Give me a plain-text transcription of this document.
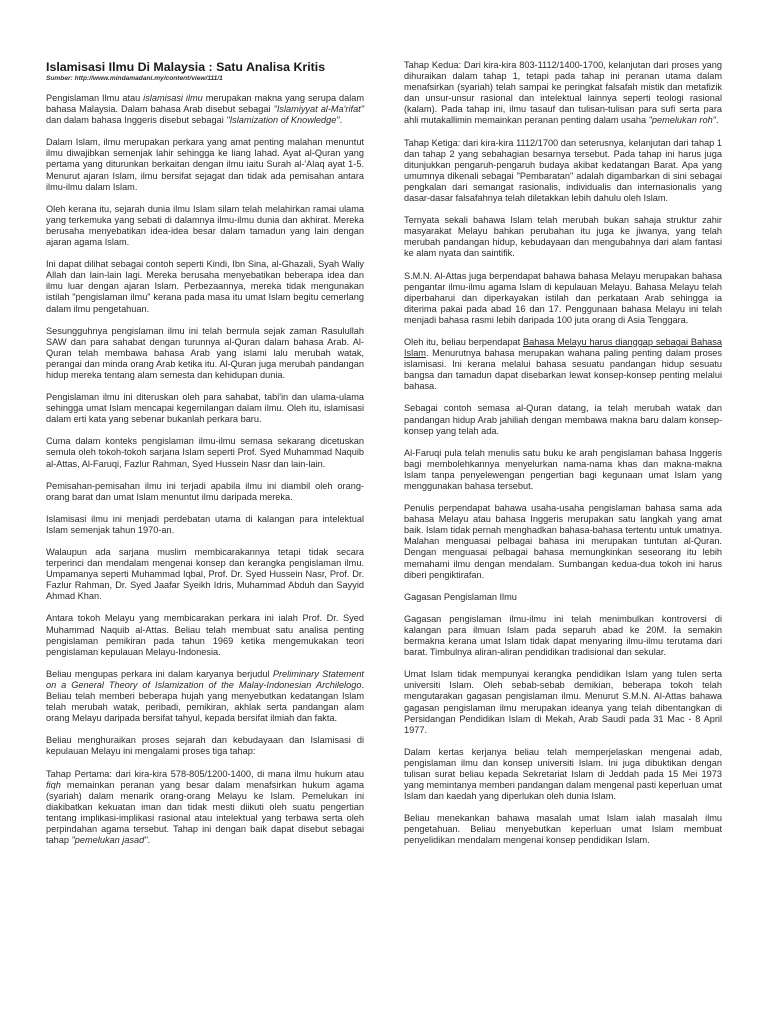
Islamisasi Ilmu Di Malaysia : Satu Analisa Kritis
Sumber: http://www.mindamadani.my/content/view/111/1

Pengislaman Ilmu atau islamisasi ilmu merupakan makna yang serupa dalam bahasa Malaysia. Dalam bahasa Arab disebut sebagai "Islamiyyat al-Ma'rifat" dan dalam bahasa Inggeris disebut sebagai "Islamization of Knowledge".

Dalam Islam, ilmu merupakan perkara yang amat penting malahan menuntut ilmu diwajibkan semenjak lahir sehingga ke liang lahad. Ayat al-Quran yang pertama yang diturunkan berkaitan dengan ilmu iaitu Surah al-'Alaq ayat 1-5. Menurut ajaran Islam, ilmu bersifat sejagat dan tidak ada pemisahan antara ilmu-ilmu dalam Islam.

Oleh kerana itu, sejarah dunia ilmu Islam silam telah melahirkan ramai ulama yang terkemuka yang sebati di dalamnya ilmu-ilmu dunia dan akhirat. Mereka berusaha menyebatikan idea-idea besar dalam tamadun yang lain dengan ajaran agama Islam.

Ini dapat dilihat sebagai contoh seperti Kindi, Ibn Sina, al-Ghazali, Syah Waliy Allah dan lain-lain lagi. Mereka berusaha menyebatikan beberapa idea dan ilmu luar dengan ajaran Islam. Perbezaannya, mereka tidak mengunakan istilah "pengislaman ilmu" kerana pada masa itu umat Islam begitu cemerlang dalam ilmu pengetahuan.

Sesungguhnya pengislaman ilmu ini telah bermula sejak zaman Rasulullah SAW dan para sahabat dengan turunnya al-Quran dalam bahasa Arab. Al-Quran telah membawa bahasa Arab yang islami lalu merubah watak, perangai dan minda orang Arab ketika itu. Al-Quran juga merubah pandangan hidup mereka tentang alam semesta dan kehidupan dunia.

Pengislaman ilmu ini diteruskan oleh para sahabat, tabi'in dan ulama-ulama sehingga umat Islam mencapai kegemilangan dalam ilmu. Oleh itu, islamisasi dalam erti kata yang sebenar bukanlah perkara baru.

Cuma dalam konteks pengislaman ilmu-ilmu semasa sekarang dicetuskan semula oleh tokoh-tokoh sarjana Islam seperti Prof. Syed Muhammad Naquib al-Attas, Al-Faruqi, Fazlur Rahman, Syed Hussein Nasr dan lain-lain.

Pemisahan-pemisahan ilmu ini terjadi apabila ilmu ini diambil oleh orang-orang barat dan umat Islam menuntut ilmu daripada mereka.

Islamisasi ilmu ini menjadi perdebatan utama di kalangan para intelektual Islam semenjak tahun 1970-an.

Walaupun ada sarjana muslim membicarakannya tetapi tidak secara terperinci dan mendalam mengenai konsep dan kerangka pengislaman ilmu. Umpamanya seperti Muhammad Iqbal, Prof. Dr. Syed Hussein Nasr, Prof. Dr. Fazlur Rahman, Dr. Syed Jaafar Syeikh Idris, Muhammad Abduh dan Sayyid Ahmad Khan.

Antara tokoh Melayu yang membicarakan perkara ini ialah Prof. Dr. Syed Muhammad Naquib al-Attas. Beliau telah membuat satu analisa penting pengislaman pemikiran pada tahun 1969 ketika mengemukakan teori pengislaman kepulauan Melayu-Indonesia.

Beliau mengupas perkara ini dalam karyanya berjudul Preliminary Statement on a General Theory of Islamization of the Malay-Indonesian Archilelogo. Beliau telah memberi beberapa hujah yang menyebutkan kedatangan Islam telah merubah watak, peribadi, pemikiran, akhlak serta pandangan alam orang Melayu daripada bersifat tahyul, kepada bersifat ilmiah dan fakta.

Beliau menghuraikan proses sejarah dan kebudayaan dan Islamisasi di kepulauan Melayu ini mengalami proses tiga tahap:

Tahap Pertama: dari kira-kira 578-805/1200-1400, di mana ilmu hukum atau fiqh memainkan peranan yang besar dalam menafsirkan hukum agama (syariah) dalam menarik orang-orang Melayu ke Islam. Pemelukan ini diakibatkan kekuatan iman dan tidak mesti diikuti oleh suatu pengertian tentang implikasi-implikasi rasional atau intelektual yang terbawa serta oleh perpindahan agama tersebut. Tahap ini dengan baik dapat disebut sebagai tahap "pemelukan jasad".

Tahap Kedua: Dari kira-kira 803-1112/1400-1700, kelanjutan dari proses yang dihuraikan dalam tahap 1, tetapi pada tahap ini peranan utama dalam menafsirkan (syariah) telah sampai ke peringkat falsafah mistik dan metafizik dan unsur-unsur rasional dan intelektual lainnya seperti teologi rasional (kalam). Pada tahap ini, ilmu tasauf dan tulisan-tulisan para sufi serta para ahli mutakallimin memainkan peranan penting dalam usaha "pemelukan roh".

Tahap Ketiga: dari kira-kira 1112/1700 dan seterusnya, kelanjutan dari tahap 1 dan tahap 2 yang sebahagian besarnya tersebut. Pada tahap ini harus juga ditunjukkan pengaruh-pengaruh budaya akibat kedatangan Barat. Apa yang umumnya dikenali sebagai "Pembaratan" adalah digambarkan di sini sebagai pengkalan dari semangat rasionalis, individualis dan internasionalis yang dasar-dasar falsafahnya telah diletakkan lebih dahulu oleh Islam.

Ternyata sekali bahawa Islam telah merubah bukan sahaja struktur zahir masyarakat Melayu bahkan perubahan itu juga ke jiwanya, yang telah merubah pandangan hidup, kebudayaan dan mengubahnya dari alam fantasi ke alam nyata dan saintifik.

S.M.N. Al-Attas juga berpendapat bahawa bahasa Melayu merupakan bahasa pengantar ilmu-ilmu agama Islam di kepulauan Melayu. Bahasa Melayu telah diperbaharui dan diperkayakan istilah dan perkataan Arab sehingga ia diterima pakai pada abad 16 dan 17. Penggunaan bahasa Melayu ini telah menjadi bahasa rasmi lebih daripada 100 juta orang di Asia Tenggara.

Oleh itu, beliau berpendapat Bahasa Melayu harus dianggap sebagai Bahasa Islam. Menurutnya bahasa merupakan wahana paling penting dalam proses islamisasi. Ini kerana melalui bahasa sesuatu pandangan hidup sesuatu bangsa dan tamadun dapat disebarkan lewat konsep-konsep penting melalui bahasa.

Sebagai contoh semasa al-Quran datang, ia telah merubah watak dan pandangan hidup Arab jahiliah dengan membawa makna baru dalam konsep-konsep yang telah ada.

Al-Faruqi pula telah menulis satu buku ke arah pengislaman bahasa Inggeris bagi membolehkannya menyelurkan nama-nama khas dan makna-makna Islam tanpa penyelewengan pengertian bagi kegunaan umat Islam yang menggunakan bahasa tersebut.

Penulis perpendapat bahawa usaha-usaha pengislaman bahasa sama ada bahasa Melayu atau bahasa Inggeris merupakan satu langkah yang amat baik. Islam tidak pernah menghadkan bahasa-bahasa tertentu untuk umatnya. Malahan menguasai pelbagai bahasa ini merupakan tuntutan al-Quran. Dengan menguasai pelbagai bahasa memungkinkan seseorang itu lebih memahami ilmu dengan mendalam. Sumbangan kedua-dua tokoh ini harus diberi pengiktirafan.

Gagasan Pengislaman Ilmu

Gagasan pengislaman ilmu-ilmu ini telah menimbulkan kontroversi di kalangan para ilmuan Islam pada separuh abad ke 20M. Ia semakin bermakna kerana umat Islam tidak dapat menyaring ilmu-ilmu terutama dari barat. Timbulnya aliran-aliran pendidikan tradisional dan sekular.

Umat Islam tidak mempunyai kerangka pendidikan Islam yang tulen serta universiti Islam. Oleh sebab-sebab demikian, beberapa tokoh telah mengutarakan gagasan pengislaman ilmu. Menurut S.M.N. Al-Attas bahawa gagasan pengislaman ilmu merupakan ideanya yang telah dibentangkan di Persidangan Pendidikan Islam di Mekah, Arab Saudi pada 31 Mac - 8 April 1977.

Dalam kertas kerjanya beliau telah memperjelaskan mengenai adab, pengislaman ilmu dan konsep universiti Islam. Ini juga dibuktikan dengan tulisan surat beliau kepada Sekretariat Islam di Jeddah pada 15 Mei 1973 yang memintanya memberi pandangan dalam mengenal pasti keperluan umat Islam dan kaedah yang diperlukan oleh dunia Islam.

Beliau menekankan bahawa masalah umat Islam ialah masalah ilmu pengetahuan. Beliau menyebutkan keperluan umat Islam membuat penyelidikan mendalam mengenai konsep pendidikan Islam.
